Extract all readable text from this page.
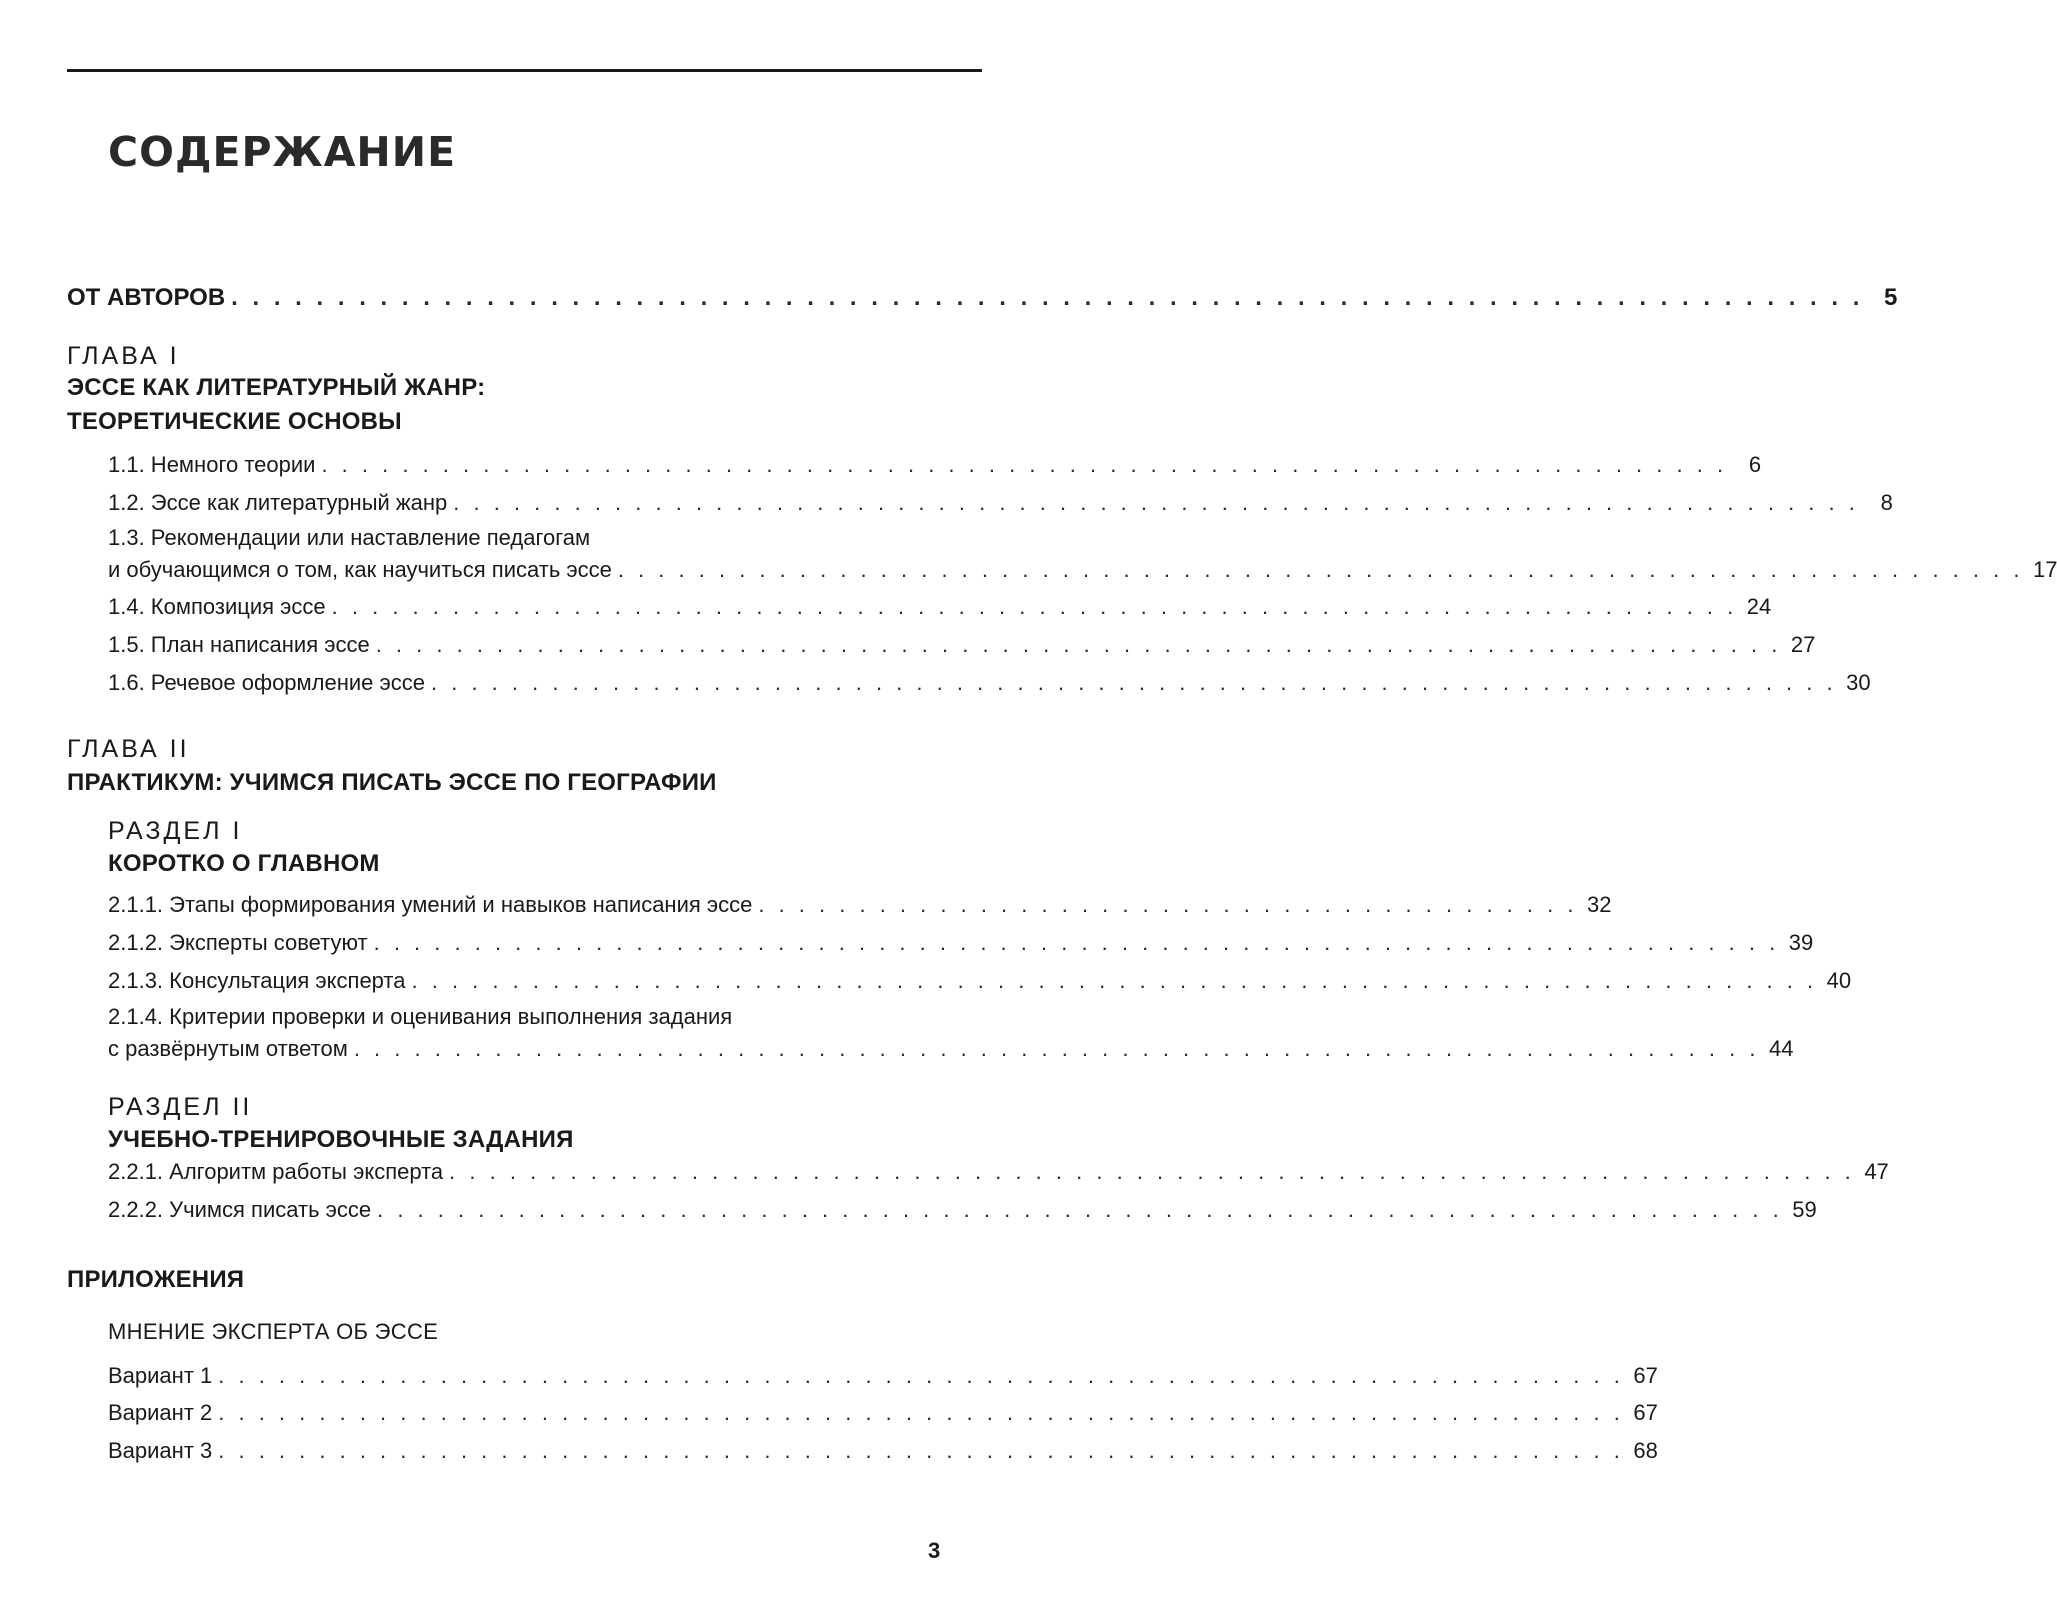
СОДЕРЖАНИЕ
ОТ АВТОРОВ . . . . . . . . . . . . . . . . . . . . . . . . . . . . . . . . . . . . . . . . . . . . . . . . . . . . . . . . . . . . . . . . . . . . . . . . . . . . . 5
ГЛАВА I
ЭССЕ КАК ЛИТЕРАТУРНЫЙ ЖАНР:
ТЕОРЕТИЧЕСКИЕ ОСНОВЫ
1.1. Немного теории . . . . . . . . . . . . . . . . . . . . . . . . . . . . . . . . . . . . . . . . . . . . . . . . . . . . . . . . . . . . . . . . . . . . . . 6
1.2. Эссе как литературный жанр . . . . . . . . . . . . . . . . . . . . . . . . . . . . . . . . . . . . . . . . . . . . . . . . . . . . . . . . . . . . . . . . . . . . . . 8
1.3. Рекомендации или наставление педагогам
и обучающимся о том, как научиться писать эссе . . . . . . . . . . . . . . . . . . . . . . . . . . . . . . . . . . . . . . . . . . . . . . . . . . . . . . . . . . . . . . . . . . . . . . 17
1.4. Композиция эссе . . . . . . . . . . . . . . . . . . . . . . . . . . . . . . . . . . . . . . . . . . . . . . . . . . . . . . . . . . . . . . . . . . . . . . 24
1.5. План написания эссе . . . . . . . . . . . . . . . . . . . . . . . . . . . . . . . . . . . . . . . . . . . . . . . . . . . . . . . . . . . . . . . . . . . . . . 27
1.6. Речевое оформление эссе . . . . . . . . . . . . . . . . . . . . . . . . . . . . . . . . . . . . . . . . . . . . . . . . . . . . . . . . . . . . . . . . . . . . . . 30
ГЛАВА II
ПРАКТИКУМ: УЧИМСЯ ПИСАТЬ ЭССЕ ПО ГЕОГРАФИИ
РАЗДЕЛ I
КОРОТКО О ГЛАВНОМ
2.1.1. Этапы формирования умений и навыков написания эссе . . . . . . . . . . . . . . . . . . . . . . . . . . . . . . . . . . . . . . . . . 32
2.1.2. Эксперты советуют . . . . . . . . . . . . . . . . . . . . . . . . . . . . . . . . . . . . . . . . . . . . . . . . . . . . . . . . . . . . . . . . . . . . . . 39
2.1.3. Консультация эксперта . . . . . . . . . . . . . . . . . . . . . . . . . . . . . . . . . . . . . . . . . . . . . . . . . . . . . . . . . . . . . . . . . . . . . . 40
2.1.4. Критерии проверки и оценивания выполнения задания
с развёрнутым ответом . . . . . . . . . . . . . . . . . . . . . . . . . . . . . . . . . . . . . . . . . . . . . . . . . . . . . . . . . . . . . . . . . . . . . . 44
РАЗДЕЛ II
УЧЕБНО-ТРЕНИРОВОЧНЫЕ ЗАДАНИЯ
2.2.1. Алгоритм работы эксперта . . . . . . . . . . . . . . . . . . . . . . . . . . . . . . . . . . . . . . . . . . . . . . . . . . . . . . . . . . . . . . . . . . . . . . 47
2.2.2. Учимся писать эссе . . . . . . . . . . . . . . . . . . . . . . . . . . . . . . . . . . . . . . . . . . . . . . . . . . . . . . . . . . . . . . . . . . . . . . 59
ПРИЛОЖЕНИЯ
МНЕНИЕ ЭКСПЕРТА ОБ ЭССЕ
Вариант 1 . . . . . . . . . . . . . . . . . . . . . . . . . . . . . . . . . . . . . . . . . . . . . . . . . . . . . . . . . . . . . . . . . . . . . . 67
Вариант 2 . . . . . . . . . . . . . . . . . . . . . . . . . . . . . . . . . . . . . . . . . . . . . . . . . . . . . . . . . . . . . . . . . . . . . . 67
Вариант 3 . . . . . . . . . . . . . . . . . . . . . . . . . . . . . . . . . . . . . . . . . . . . . . . . . . . . . . . . . . . . . . . . . . . . . . 68
3
